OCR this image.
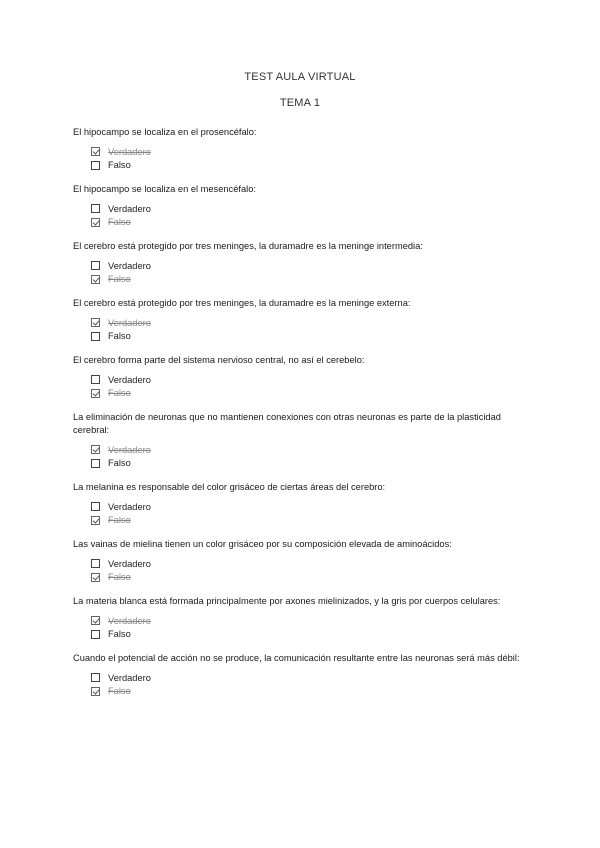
TEST AULA VIRTUAL
TEMA 1
El hipocampo se localiza en el prosencéfalo:
Verdadero
Falso
El hipocampo se localiza en el mesencéfalo:
Verdadero
Falso
El cerebro está protegido por tres meninges, la duramadre es la meninge intermedia:
Verdadero
Falso
El cerebro está protegido por tres meninges, la duramadre es la meninge externa:
Verdadero
Falso
El cerebro forma parte del sistema nervioso central, no así el cerebelo:
Verdadero
Falso
La eliminación de neuronas que no mantienen conexiones con otras neuronas es parte de la plasticidad cerebral:
Verdadero
Falso
La melanina es responsable del color grisáceo de ciertas áreas del cerebro:
Verdadero
Falso
Las vainas de mielina tienen un color grisáceo por su composición elevada de aminoácidos:
Verdadero
Falso
La materia blanca está formada principalmente por axones mielinizados, y la gris por cuerpos celulares:
Verdadero
Falso
Cuando el potencial de acción no se produce, la comunicación resultante entre las neuronas será más débil:
Verdadero
Falso
